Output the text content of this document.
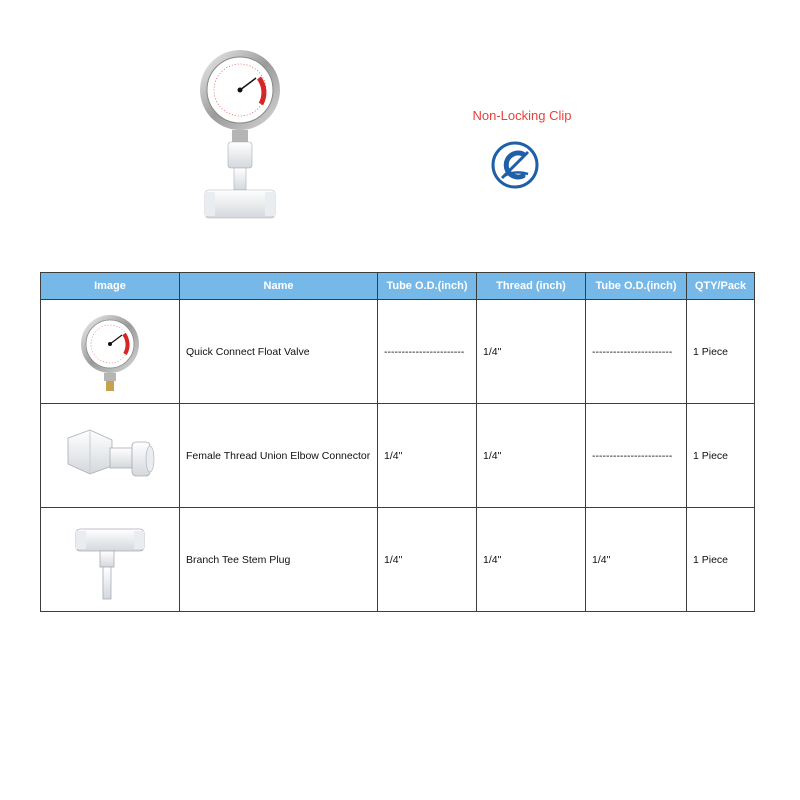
Non-Locking Clip
Image	Name	Tube O.D.(inch)	Thread (inch)	Tube O.D.(inch)	QTY/Pack

	Quick Connect Float Valve	-----------------------	1/4"	-----------------------	1 Piece

	Female Thread Union Elbow Connector	1/4"	1/4"	-----------------------	1 Piece

	Branch Tee Stem Plug	1/4"	1/4"	1/4"	1 Piece
